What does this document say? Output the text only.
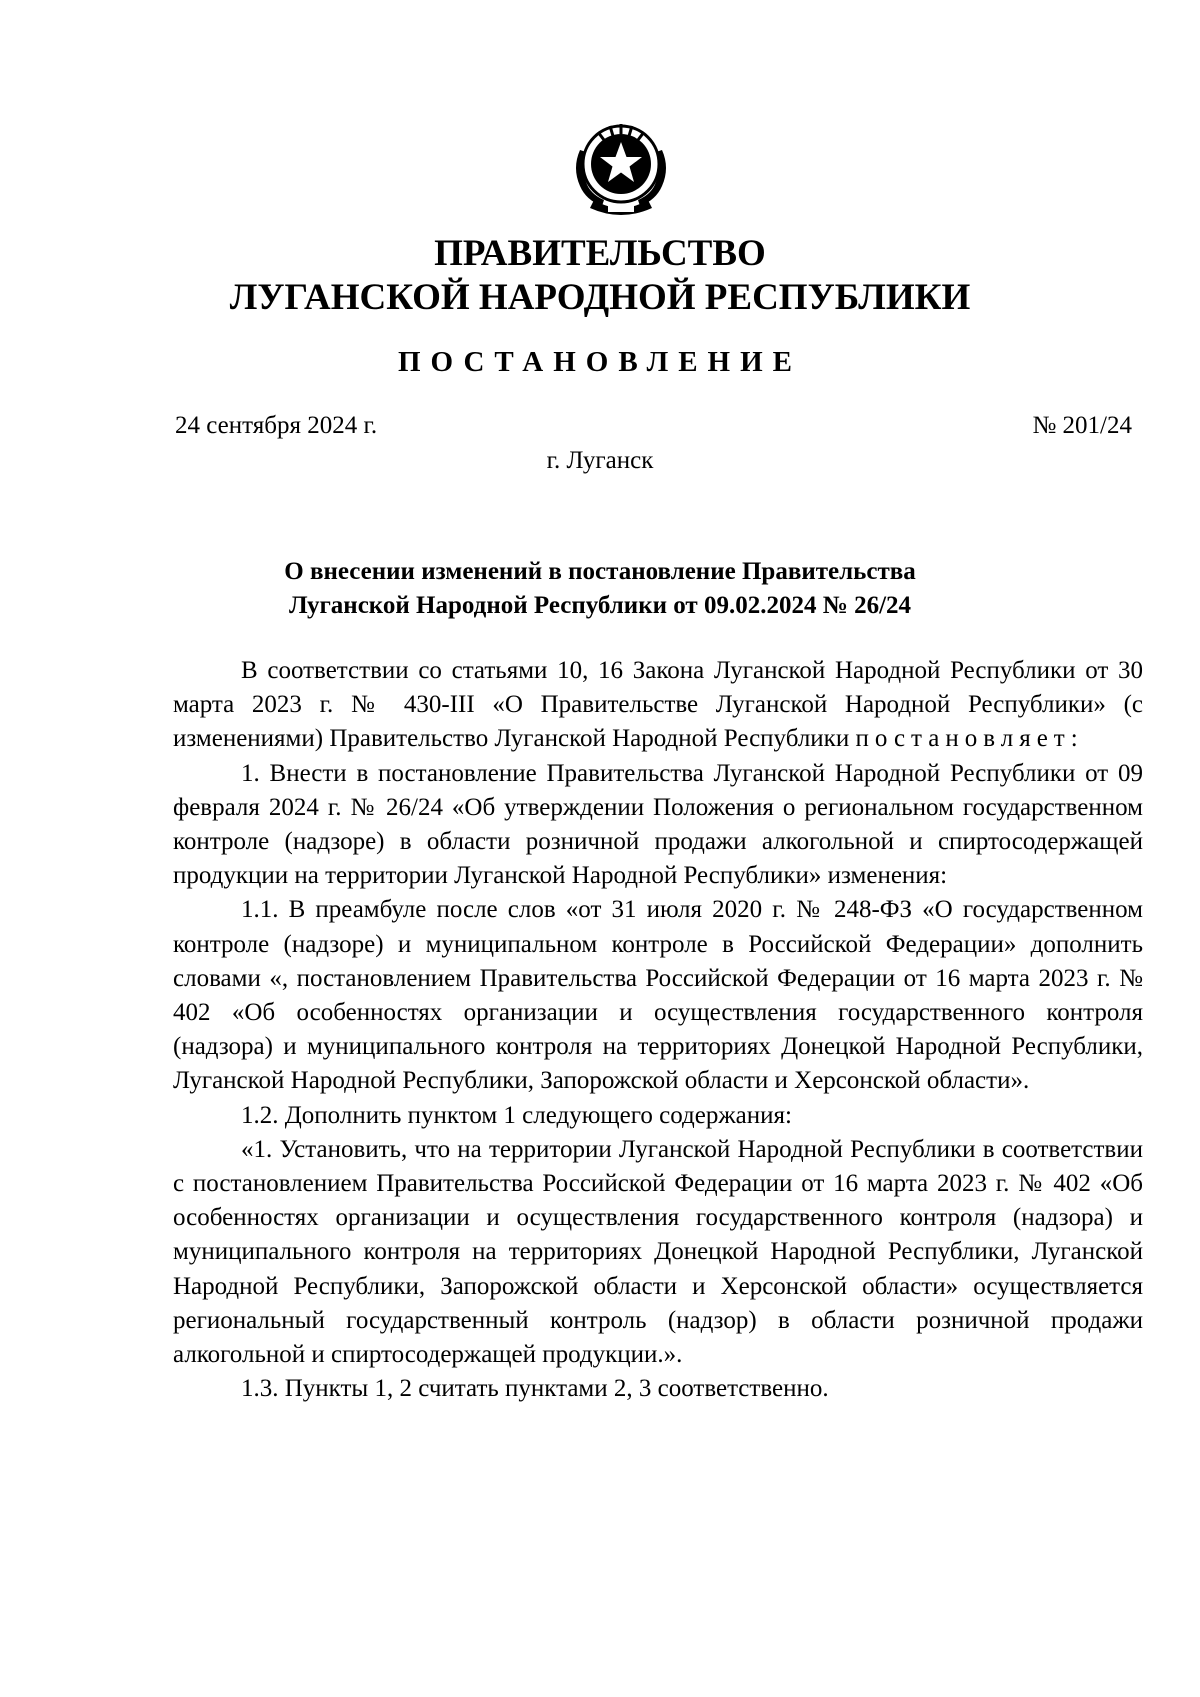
ПРАВИТЕЛЬСТВО
ЛУГАНСКОЙ НАРОДНОЙ РЕСПУБЛИКИ
ПОСТАНОВЛЕНИЕ
24 сентября 2024 г.	№ 201/24
г. Луганск
О внесении изменений в постановление Правительства
Луганской Народной Республики от 09.02.2024 № 26/24

В соответствии со статьями 10, 16 Закона Луганской Народной Республики от 30 марта 2023 г. № 430-III «О Правительстве Луганской Народной Республики» (с изменениями) Правительство Луганской Народной Республики постановляет:

1. Внести в постановление Правительства Луганской Народной Республики от 09 февраля 2024 г. № 26/24 «Об утверждении Положения о региональном государственном контроле (надзоре) в области розничной продажи алкогольной и спиртосодержащей продукции на территории Луганской Народной Республики» изменения:

1.1. В преамбуле после слов «от 31 июля 2020 г. № 248-ФЗ «О государственном контроле (надзоре) и муниципальном контроле в Российской Федерации» дополнить словами «, постановлением Правительства Российской Федерации от 16 марта 2023 г. № 402 «Об особенностях организации и осуществления государственного контроля (надзора) и муниципального контроля на территориях Донецкой Народной Республики, Луганской Народной Республики, Запорожской области и Херсонской области».

1.2. Дополнить пунктом 1 следующего содержания:

«1. Установить, что на территории Луганской Народной Республики в соответствии с постановлением Правительства Российской Федерации от 16 марта 2023 г. № 402 «Об особенностях организации и осуществления государственного контроля (надзора) и муниципального контроля на территориях Донецкой Народной Республики, Луганской Народной Республики, Запорожской области и Херсонской области» осуществляется региональный государственный контроль (надзор) в области розничной продажи алкогольной и спиртосодержащей продукции.».

1.3. Пункты 1, 2 считать пунктами 2, 3 соответственно.
